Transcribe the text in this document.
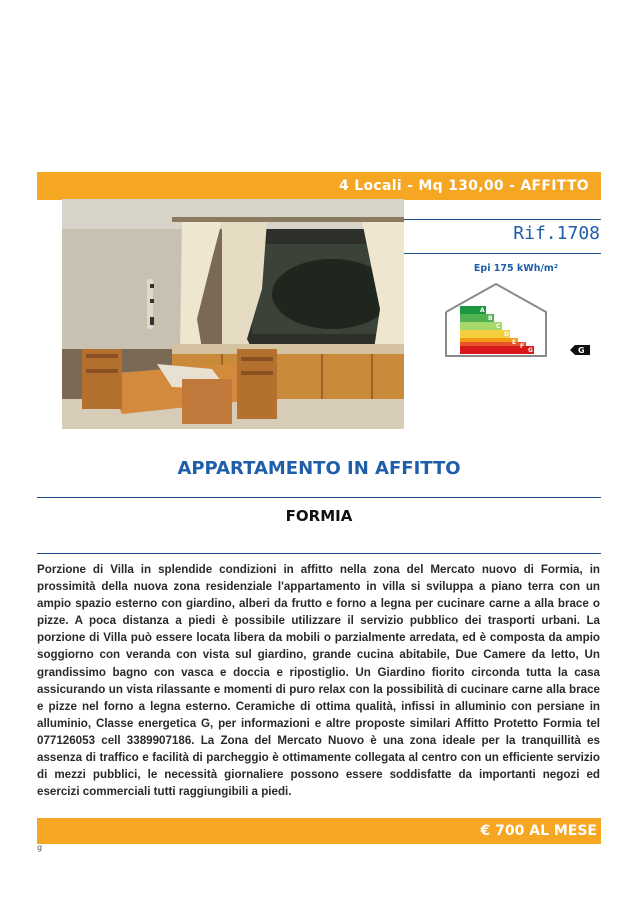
4 Locali - Mq 130,00 - AFFITTO
Rif.1708
Epi 175 kWh/m²
A
B
C
D
E
F
G	G
APPARTAMENTO IN AFFITTO
FORMIA

Porzione di Villa in splendide condizioni in affitto nella zona del Mercato nuovo di Formia, in prossimità della nuova zona residenziale l'appartamento in villa si sviluppa a piano terra con un ampio spazio esterno con giardino, alberi da frutto e forno a legna per cucinare carne a alla brace o pizze. A poca distanza a piedi è possibile utilizzare il servizio pubblico dei trasporti urbani. La porzione di Villa può essere locata libera da mobili o parzialmente arredata, ed è composta da ampio soggiorno con veranda con vista sul giardino, grande cucina abitabile, Due Camere da letto, Un grandissimo bagno con vasca e doccia e ripostiglio. Un Giardino fiorito circonda tutta la casa assicurando un vista rilassante e momenti di puro relax con la possibilità di cucinare carne alla brace e pizze nel forno a legna esterno. Ceramiche di ottima qualità, infissi in alluminio con persiane in alluminio, Classe energetica G, per informazioni e altre proposte similari Affitto Protetto Formia tel 077126053 cell 3389907186. La Zona del Mercato Nuovo è una zona ideale per la tranquillità es assenza di traffico e facilità di parcheggio è ottimamente collegata al centro con un efficiente servizio di mezzi pubblici, le necessità giornaliere possono essere soddisfatte da importanti negozi ed esercizi commerciali tutti raggiungibili a piedi.

€ 700 AL MESE
g
